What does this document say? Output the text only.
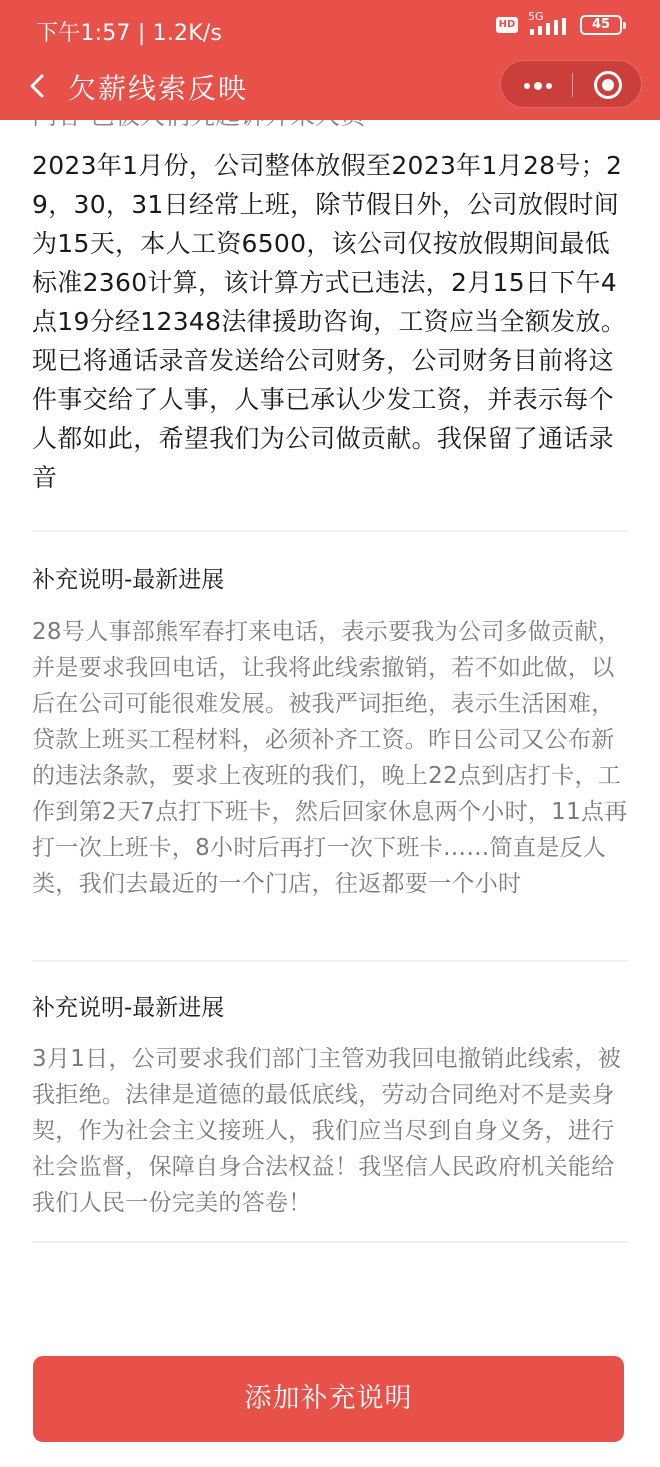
下午1:57 | 1.2K/s	HD
5G
45
欠薪线索反映
2023年1月份，公司整体放假至2023年1月28号；29，30，31日经常上班，除节假日外，公司放假时间为15天，本人工资6500，该公司仅按放假期间最低标准2360计算，该计算方式已违法，2月15日下午4点19分经12348法律援助咨询，工资应当全额发放。现已将通话录音发送给公司财务，公司财务目前将这件事交给了人事，人事已承认少发工资，并表示每个人都如此，希望我们为公司做贡献。我保留了通话录音
补充说明-最新进展
28号人事部熊军春打来电话，表示要我为公司多做贡献，并是要求我回电话，让我将此线索撤销，若不如此做，以后在公司可能很难发展。被我严词拒绝，表示生活困难，贷款上班买工程材料，必须补齐工资。昨日公司又公布新的违法条款，要求上夜班的我们，晚上22点到店打卡，工作到第2天7点打下班卡，然后回家休息两个小时，11点再打一次上班卡，8小时后再打一次下班卡……简直是反人类，我们去最近的一个门店，往返都要一个小时
补充说明-最新进展
3月1日，公司要求我们部门主管劝我回电撤销此线索，被我拒绝。法律是道德的最低底线，劳动合同绝对不是卖身契，作为社会主义接班人，我们应当尽到自身义务，进行社会监督，保障自身合法权益！我坚信人民政府机关能给我们人民一份完美的答卷！
添加补充说明
